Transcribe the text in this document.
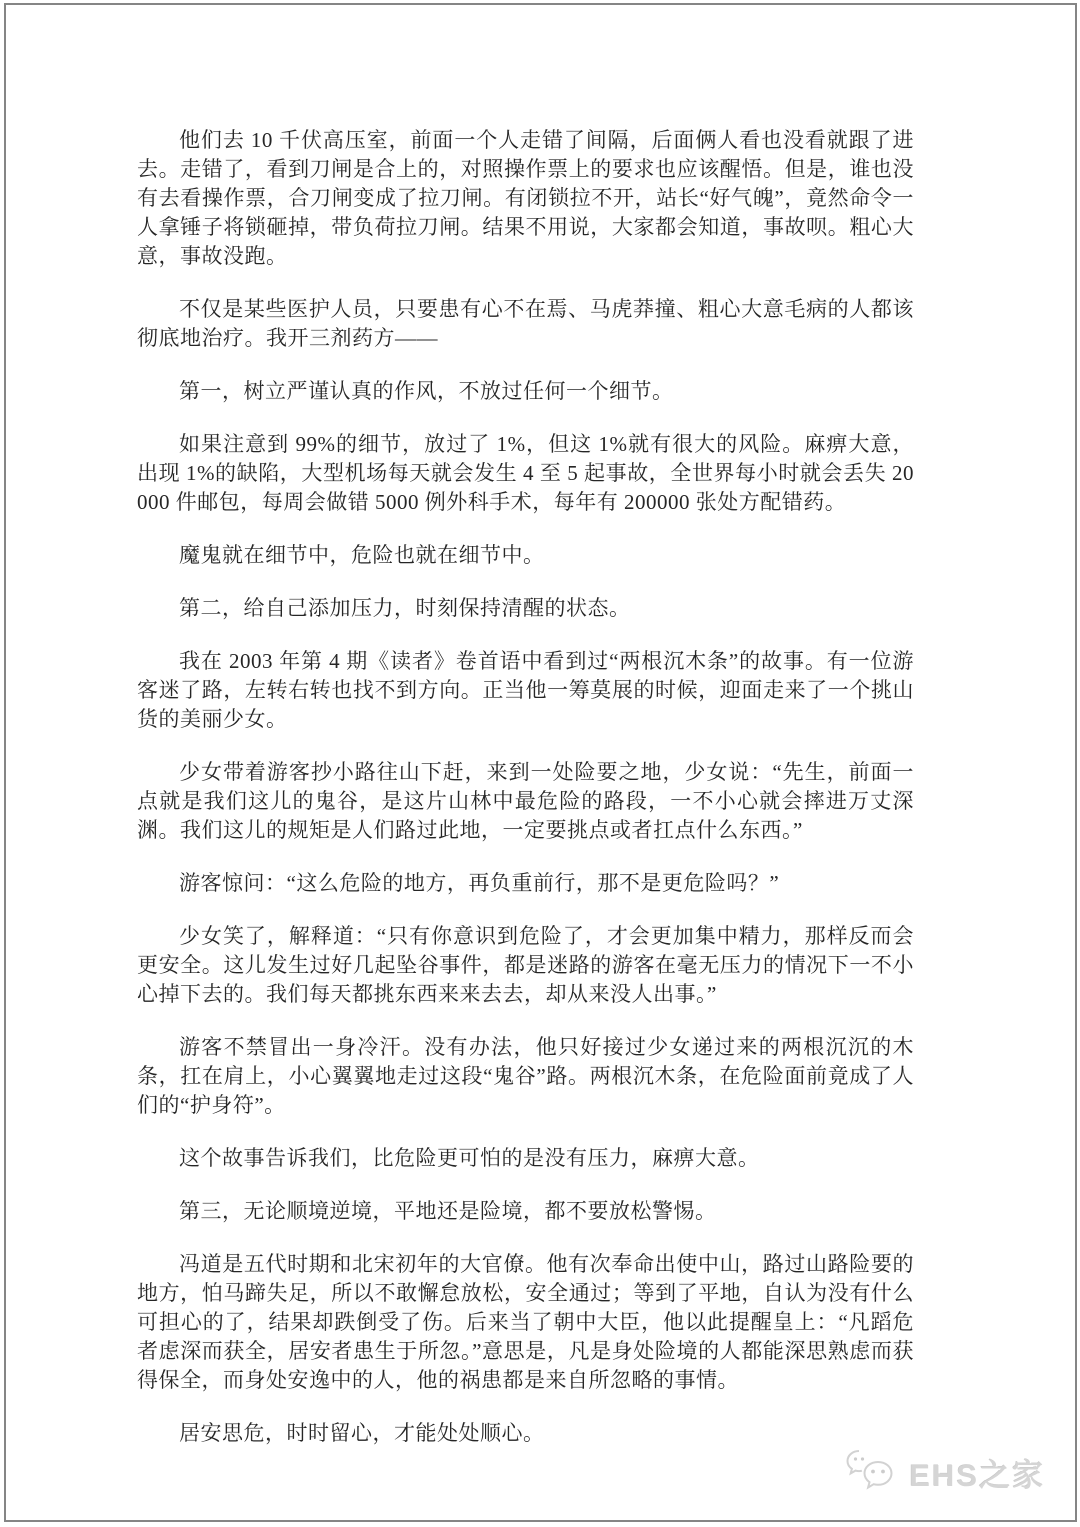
他们去 10 千伏高压室，前面一个人走错了间隔，后面俩人看也没看就跟了进去。走错了，看到刀闸是合上的，对照操作票上的要求也应该醒悟。但是，谁也没有去看操作票，合刀闸变成了拉刀闸。有闭锁拉不开，站长“好气魄”，竟然命令一人拿锤子将锁砸掉，带负荷拉刀闸。结果不用说，大家都会知道，事故呗。粗心大意，事故没跑。

不仅是某些医护人员，只要患有心不在焉、马虎莽撞、粗心大意毛病的人都该彻底地治疗。我开三剂药方——

第一，树立严谨认真的作风，不放过任何一个细节。

如果注意到 99%的细节，放过了 1%，但这 1%就有很大的风险。麻痹大意，出现 1%的缺陷，大型机场每天就会发生 4 至 5 起事故，全世界每小时就会丢失 20000 件邮包，每周会做错 5000 例外科手术，每年有 200000 张处方配错药。

魔鬼就在细节中，危险也就在细节中。

第二，给自己添加压力，时刻保持清醒的状态。

我在 2003 年第 4 期《读者》卷首语中看到过“两根沉木条”的故事。有一位游客迷了路，左转右转也找不到方向。正当他一筹莫展的时候，迎面走来了一个挑山货的美丽少女。

少女带着游客抄小路往山下赶，来到一处险要之地，少女说：“先生，前面一点就是我们这儿的鬼谷，是这片山林中最危险的路段，一不小心就会摔进万丈深渊。我们这儿的规矩是人们路过此地，一定要挑点或者扛点什么东西。”

游客惊问：“这么危险的地方，再负重前行，那不是更危险吗？”

少女笑了，解释道：“只有你意识到危险了，才会更加集中精力，那样反而会更安全。这儿发生过好几起坠谷事件，都是迷路的游客在毫无压力的情况下一不小心掉下去的。我们每天都挑东西来来去去，却从来没人出事。”

游客不禁冒出一身冷汗。没有办法，他只好接过少女递过来的两根沉沉的木条，扛在肩上，小心翼翼地走过这段“鬼谷”路。两根沉木条，在危险面前竟成了人们的“护身符”。

这个故事告诉我们，比危险更可怕的是没有压力，麻痹大意。

第三，无论顺境逆境，平地还是险境，都不要放松警惕。

冯道是五代时期和北宋初年的大官僚。他有次奉命出使中山，路过山路险要的地方，怕马蹄失足，所以不敢懈怠放松，安全通过；等到了平地，自认为没有什么可担心的了，结果却跌倒受了伤。后来当了朝中大臣，他以此提醒皇上：“凡蹈危者虑深而获全，居安者患生于所忽。”意思是，凡是身处险境的人都能深思熟虑而获得保全，而身处安逸中的人，他的祸患都是来自所忽略的事情。

居安思危，时时留心，才能处处顺心。

EHS之家
